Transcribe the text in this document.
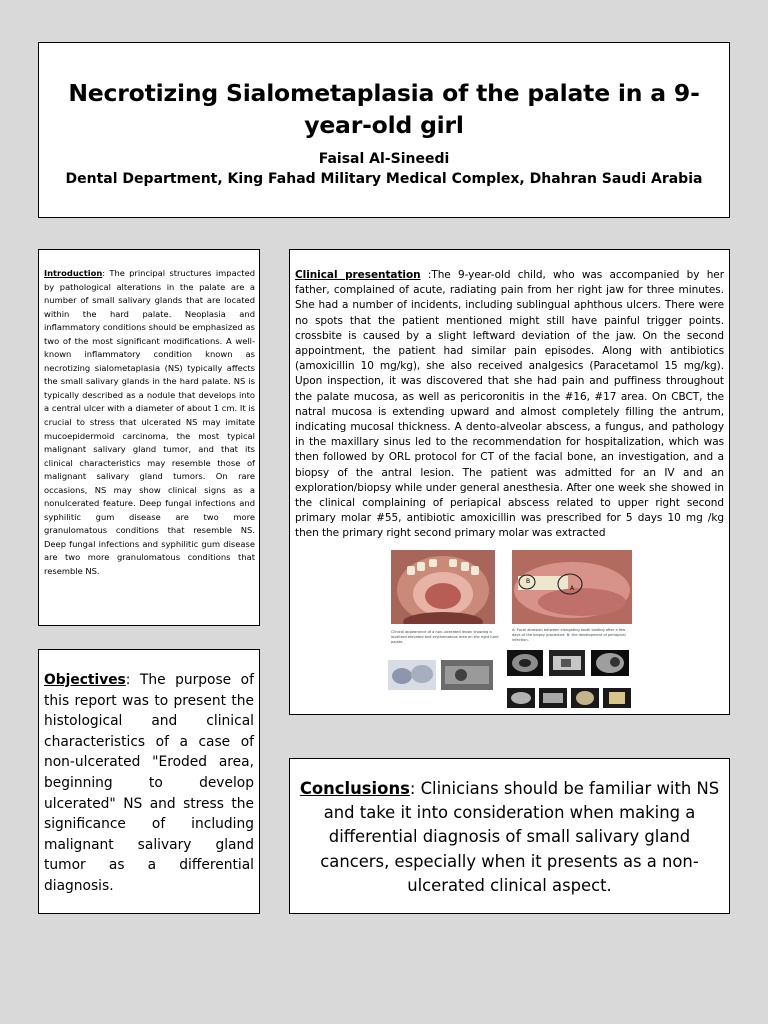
Necrotizing Sialometaplasia of the palate in a 9-year-old girl
Faisal Al-Sineedi
Dental Department, King Fahad Military Medical Complex, Dhahran Saudi Arabia

Introduction: The principal structures impacted by pathological alterations in the palate are a number of small salivary glands that are located within the hard palate. Neoplasia and inflammatory conditions should be emphasized as two of the most significant modifications. A well-known inflammatory condition known as necrotizing sialometaplasia (NS) typically affects the small salivary glands in the hard palate. NS is typically described as a nodule that develops into a central ulcer with a diameter of about 1 cm. It is crucial to stress that ulcerated NS may imitate mucoepidermoid carcinoma, the most typical malignant salivary gland tumor, and that its clinical characteristics may resemble those of malignant salivary gland tumors. On rare occasions, NS may show clinical signs as a nonulcerated feature. Deep fungal infections and syphilitic gum disease are two more granulomatous conditions that resemble NS. Deep fungal infections and syphilitic gum disease are two more granulomatous conditions that resemble NS.

Clinical presentation :The 9-year-old child, who was accompanied by her father, complained of acute, radiating pain from her right jaw for three minutes. She had a number of incidents, including sublingual aphthous ulcers. There were no spots that the patient mentioned might still have painful trigger points. crossbite is caused by a slight leftward deviation of the jaw. On the second appointment, the patient had similar pain episodes. Along with antibiotics (amoxicillin 10 mg/kg), she also received analgesics (Paracetamol 15 mg/kg). Upon inspection, it was discovered that she had pain and puffiness throughout the palate mucosa, as well as pericoronitis in the #16, #17 area. On CBCT, the natral mucosa is extending upward and almost completely filling the antrum, indicating mucosal thickness. A dento-alveolar abscess, a fungus, and pathology in the maxillary sinus led to the recommendation for hospitalization, which was then followed by ORL protocol for CT of the facial bone, an investigation, and a biopsy of the antral lesion. The patient was admitted for an IV and an exploration/biopsy while under general anesthesia. After one week she showed in the clinical complaining of periapical abscess related to upper right second primary molar #55, antibiotic amoxicillin was prescribed for 5 days 10 mg /kg then the primary right second primary molar was extracted

Clinical appearance of a non-ulcerated lesion showing a localized elevated and erythematous area on the right hard palate.
A
B
A: Focal abrasion between elongating tooth loading after a few days of the biopsy procedure. B: the development of periapical infection.

Objectives: The purpose of this report was to present the histological and clinical characteristics of a case of non-ulcerated "Eroded area, beginning to develop ulcerated" NS and stress the significance of including malignant salivary gland tumor as a differential diagnosis.

Conclusions: Clinicians should be familiar with NS and take it into consideration when making a differential diagnosis of small salivary gland cancers, especially when it presents as a non-ulcerated clinical aspect.
